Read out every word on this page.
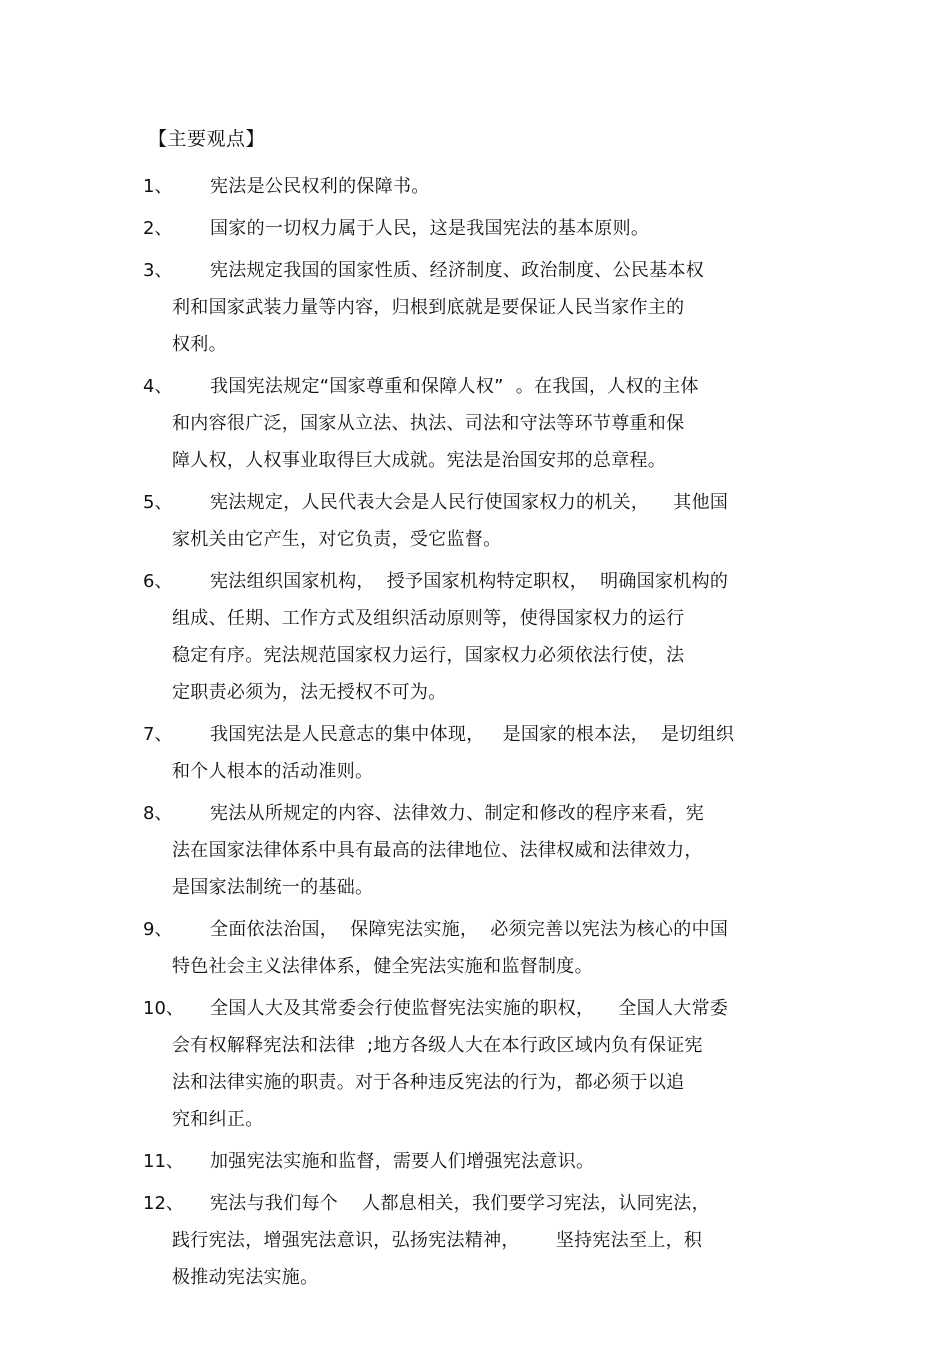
【主要观点】
1、	宪法是公民权利的保障书。
2、	国家的一切权力属于人民，这是我国宪法的基本原则。
3、	宪法规定我国的国家性质、经济制度、政治制度、公民基本权
利和国家武装力量等内容，归根到底就是要保证人民当家作主的
权利。
4、	我国宪法规定“国家尊重和保障人权”  。在我国，人权的主体
和内容很广泛，国家从立法、执法、司法和守法等环节尊重和保
障人权，人权事业取得巨大成就。宪法是治国安邦的总章程。
5、	宪法规定，人民代表大会是人民行使国家权力的机关，    其他国
家机关由它产生，对它负责，受它监督。
6、	宪法组织国家机构，  授予国家机构特定职权，  明确国家机构的
组成、任期、工作方式及组织活动原则等，使得国家权力的运行
稳定有序。宪法规范国家权力运行，国家权力必须依法行使，法
定职责必须为，法无授权不可为。
7、	我国宪法是人民意志的集中体现，   是国家的根本法，  是切组织
和个人根本的活动准则。
8、	宪法从所规定的内容、法律效力、制定和修改的程序来看，宪
法在国家法律体系中具有最高的法律地位、法律权威和法律效力，
是国家法制统一的基础。
9、	全面依法治国，  保障宪法实施，  必须完善以宪法为核心的中国
特色社会主义法律体系，健全宪法实施和监督制度。
10、	全国人大及其常委会行使监督宪法实施的职权，    全国人大常委
会有权解释宪法和法律  ;地方各级人大在本行政区域内负有保证宪
法和法律实施的职责。对于各种违反宪法的行为，都必须于以追
究和纠正。
11、	加强宪法实施和监督，需要人们增强宪法意识。
12、	宪法与我们每个    人都息相关，我们要学习宪法，认同宪法，
践行宪法，增强宪法意识，弘扬宪法精神，      坚持宪法至上，积
极推动宪法实施。
